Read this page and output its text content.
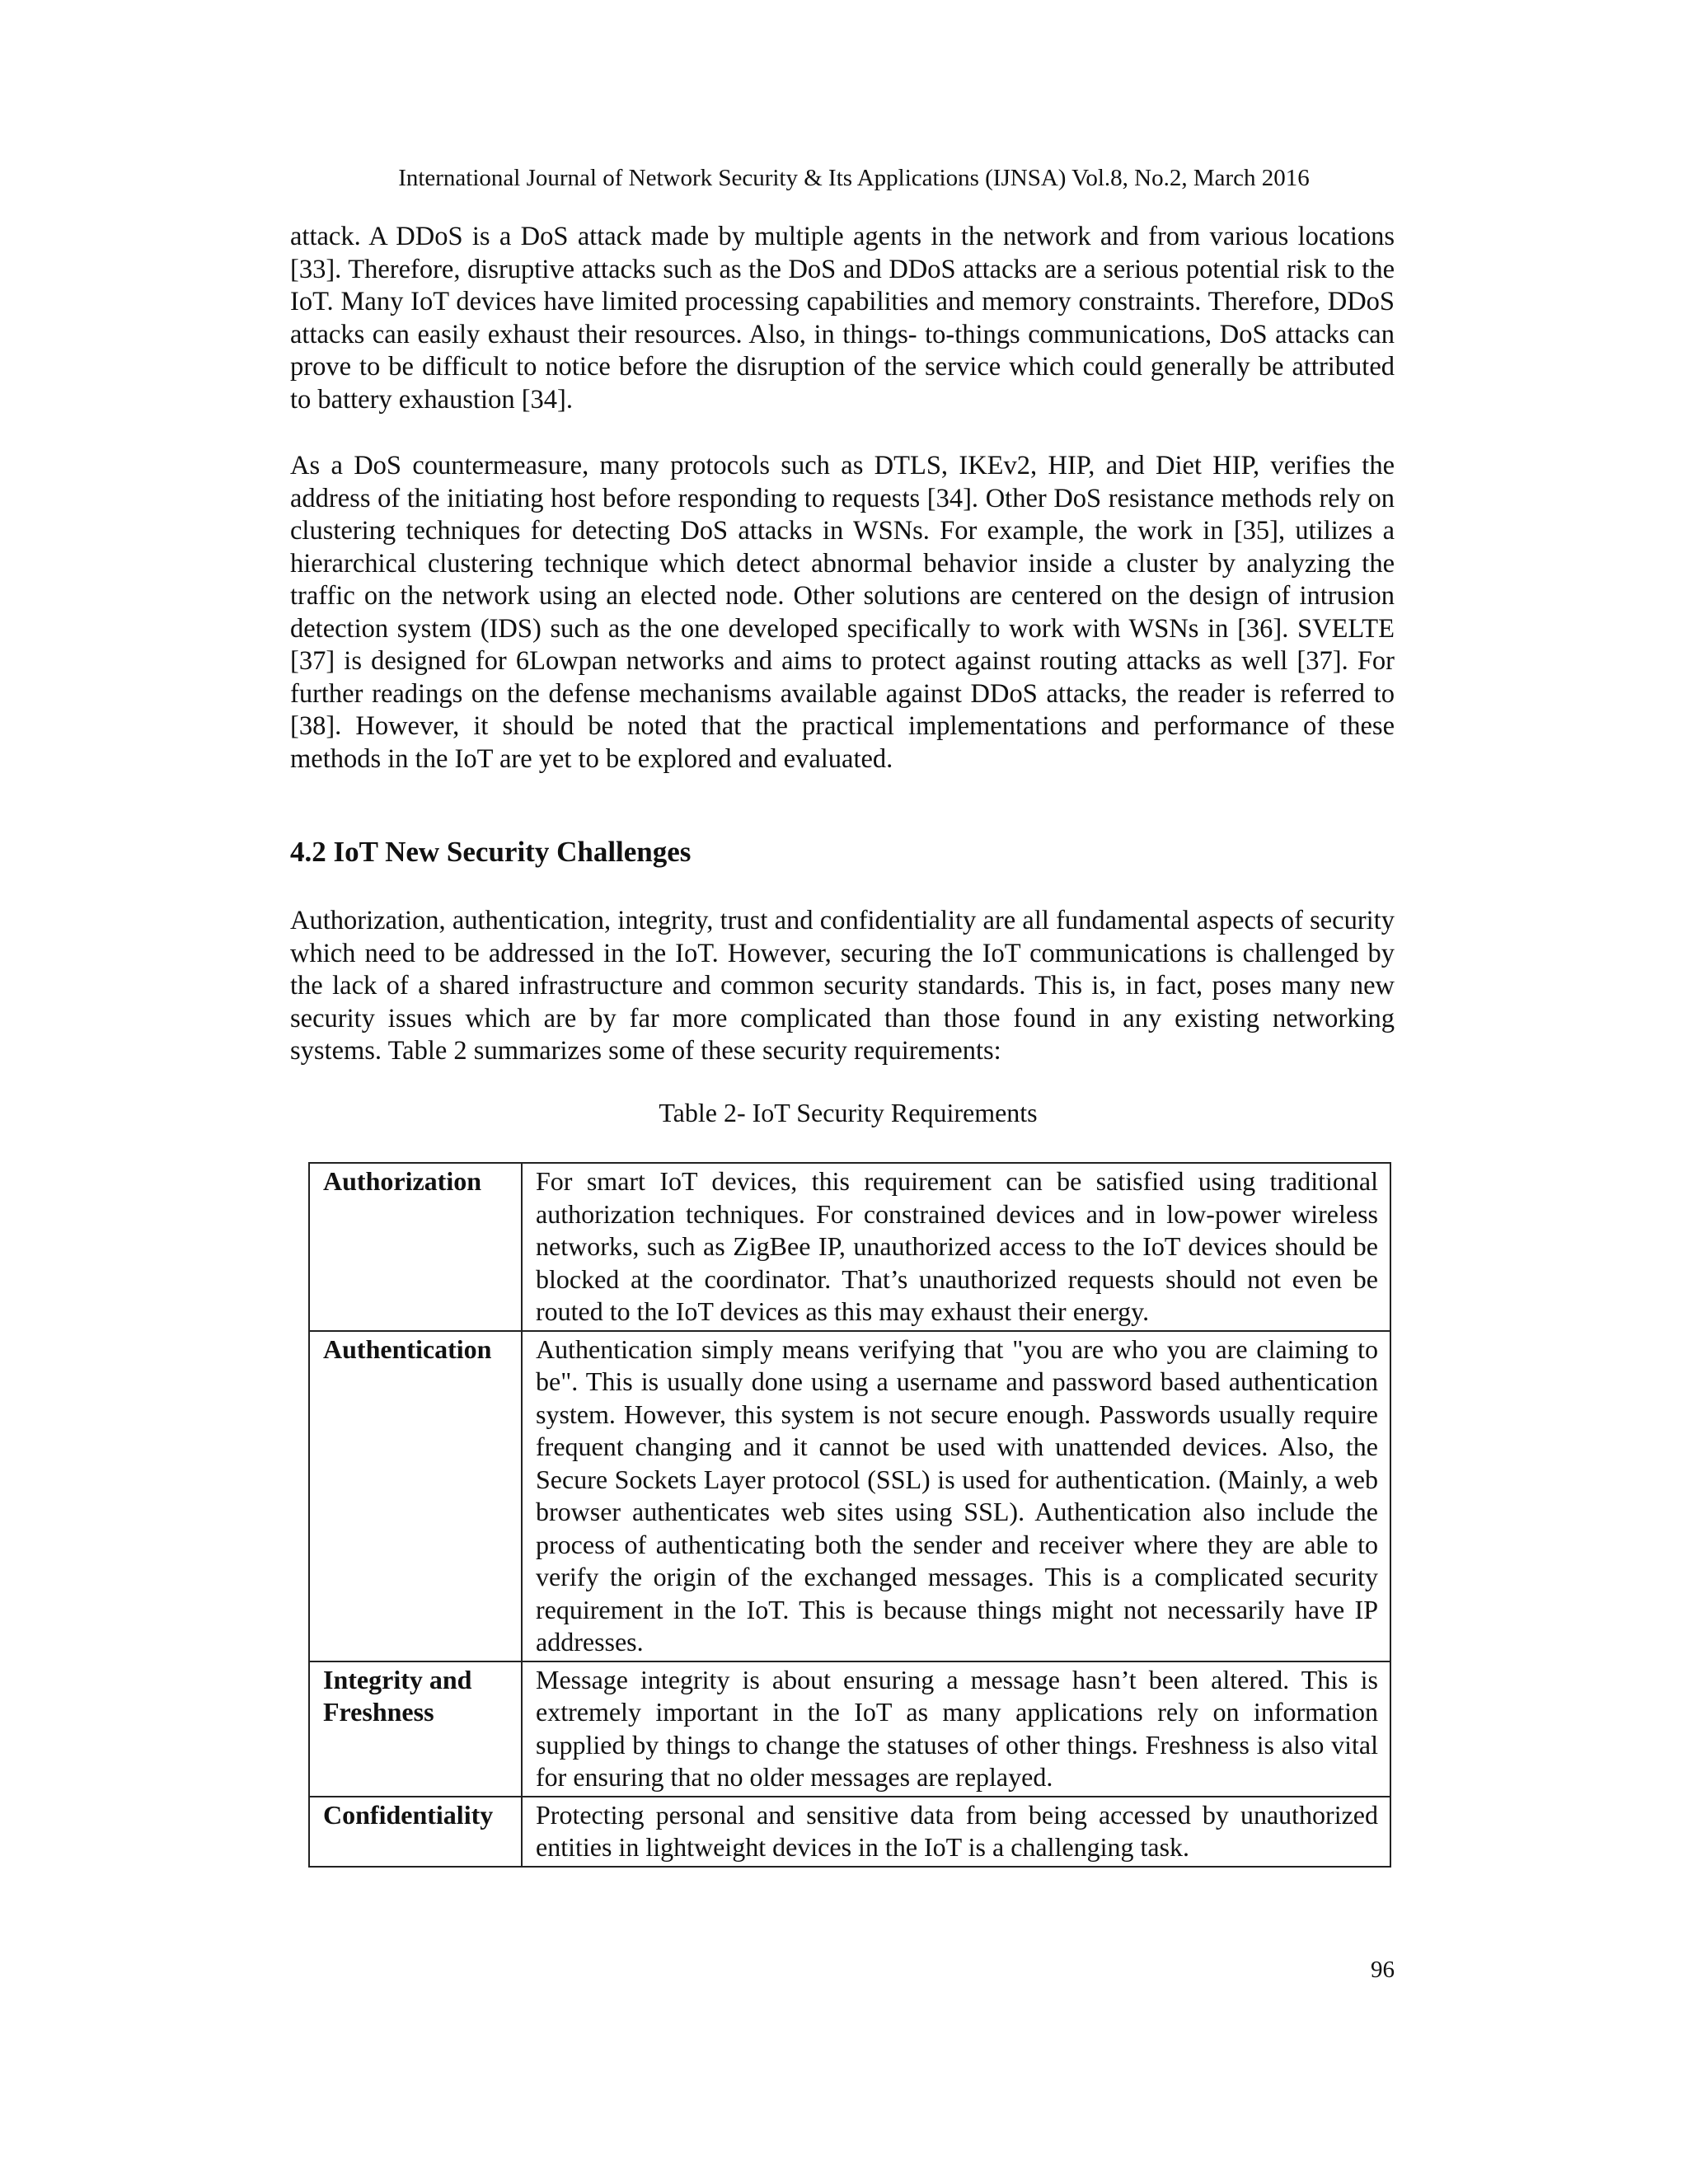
International Journal of Network Security & Its Applications (IJNSA) Vol.8, No.2, March 2016

attack. A DDoS is a DoS attack made by multiple agents in the network and from various locations [33]. Therefore, disruptive attacks such as the DoS and DDoS attacks are a serious potential risk to the IoT. Many IoT devices have limited processing capabilities and memory constraints. Therefore, DDoS attacks can easily exhaust their resources. Also, in things- to-things communications, DoS attacks can prove to be difficult to notice before the disruption of the service which could generally be attributed to battery exhaustion [34].

As a DoS countermeasure, many protocols such as DTLS, IKEv2, HIP, and Diet HIP, verifies the address of the initiating host before responding to requests [34]. Other DoS resistance methods rely on clustering techniques for detecting DoS attacks in WSNs. For example, the work in [35], utilizes a hierarchical clustering technique which detect abnormal behavior inside a cluster by analyzing the traffic on the network using an elected node. Other solutions are centered on the design of intrusion detection system (IDS) such as the one developed specifically to work with WSNs in [36]. SVELTE [37] is designed for 6Lowpan networks and aims to protect against routing attacks as well [37]. For further readings on the defense mechanisms available against DDoS attacks, the reader is referred to [38]. However, it should be noted that the practical implementations and performance of these methods in the IoT are yet to be explored and evaluated.

4.2 IoT New Security Challenges

Authorization, authentication, integrity, trust and confidentiality are all fundamental aspects of security which need to be addressed in the IoT. However, securing the IoT communications is challenged by the lack of a shared infrastructure and common security standards. This is, in fact, poses many new security issues which are by far more complicated than those found in any existing networking systems. Table 2 summarizes some of these security requirements:

Table 2- IoT Security Requirements
Authorization	For smart IoT devices, this requirement can be satisfied using traditional authorization techniques. For constrained devices and in low-power wireless networks, such as ZigBee IP, unauthorized access to the IoT devices should be blocked at the coordinator. That’s unauthorized requests should not even be routed to the IoT devices as this may exhaust their energy.
Authentication	Authentication simply means verifying that "you are who you are claiming to be". This is usually done using a username and password based authentication system. However, this system is not secure enough. Passwords usually require frequent changing and it cannot be used with unattended devices. Also, the Secure Sockets Layer protocol (SSL) is used for authentication. (Mainly, a web browser authenticates web sites using SSL). Authentication also include the process of authenticating both the sender and receiver where they are able to verify the origin of the exchanged messages. This is a complicated security requirement in the IoT. This is because things might not necessarily have IP addresses.
Integrity and Freshness	Message integrity is about ensuring a message hasn’t been altered. This is extremely important in the IoT as many applications rely on information supplied by things to change the statuses of other things. Freshness is also vital for ensuring that no older messages are replayed.
Confidentiality	Protecting personal and sensitive data from being accessed by unauthorized entities in lightweight devices in the IoT is a challenging task.
96
